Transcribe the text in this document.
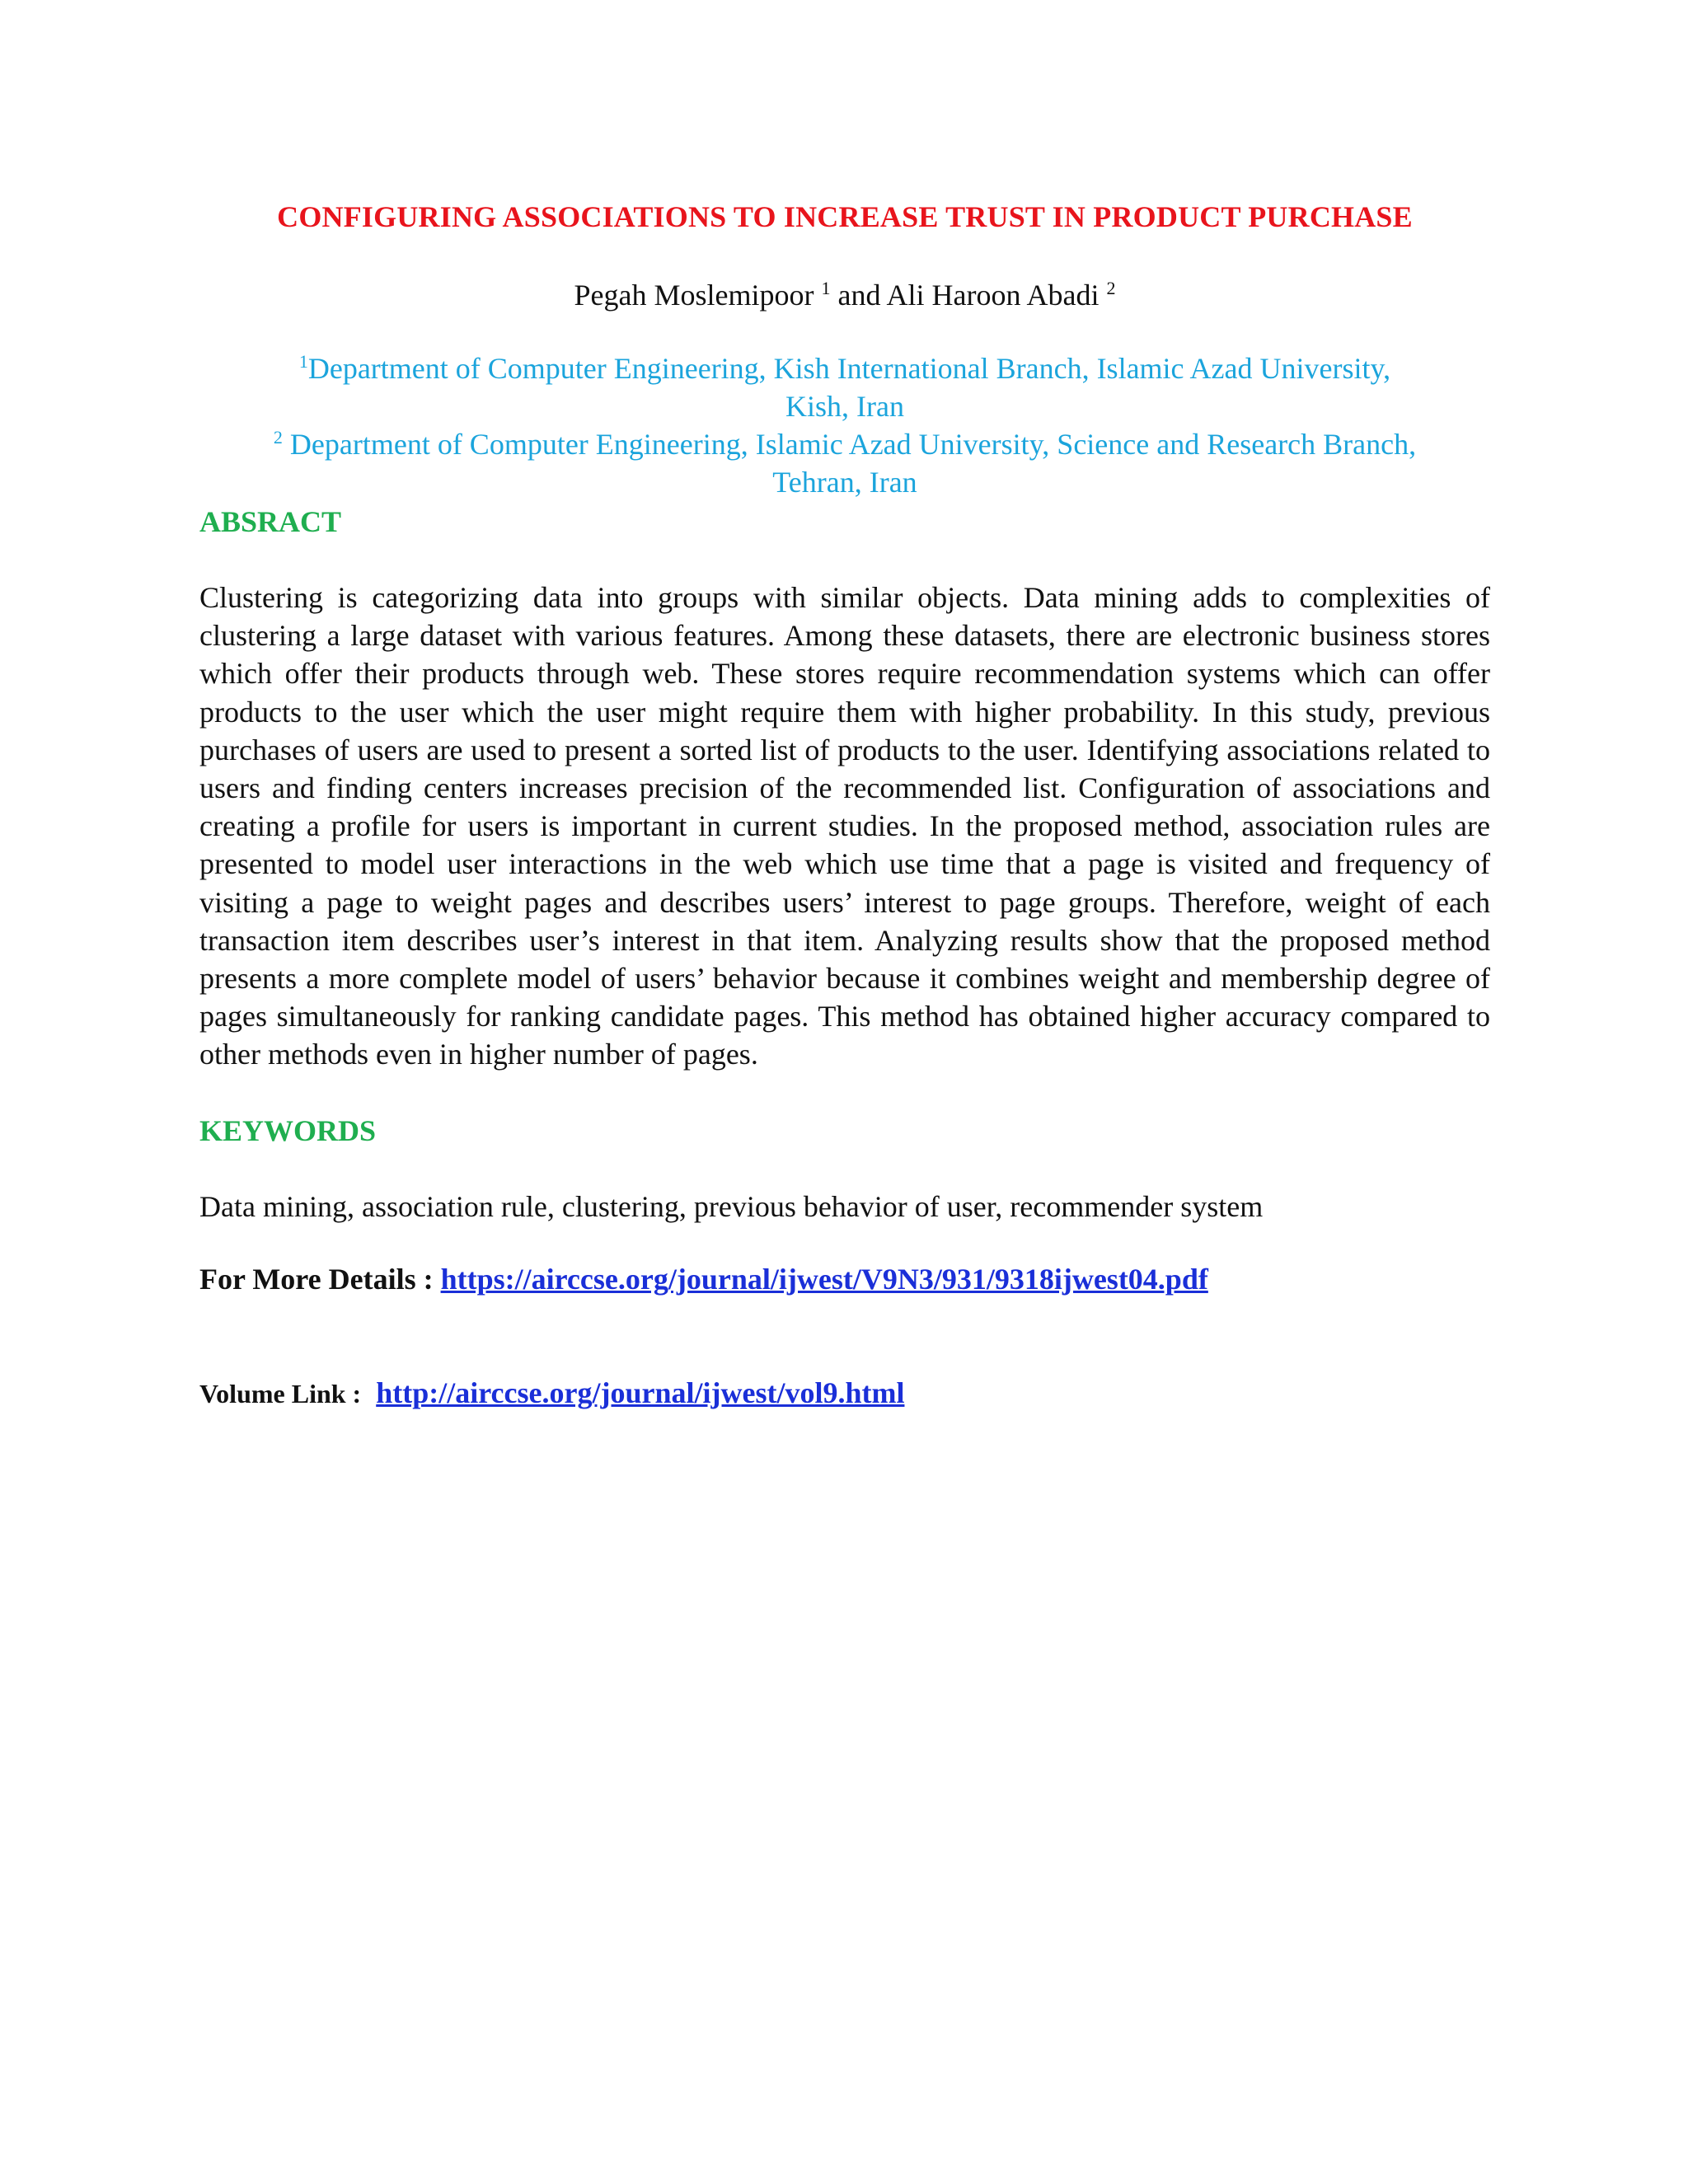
CONFIGURING ASSOCIATIONS TO INCREASE TRUST IN PRODUCT PURCHASE
Pegah Moslemipoor $^1$ and Ali Haroon Abadi $^2$

$^1$Department of Computer Engineering, Kish International Branch, Islamic Azad University,
Kish, Iran

$^2$ Department of Computer Engineering, Islamic Azad University, Science and Research Branch,
Tehran, Iran

ABSRACT

Clustering is categorizing data into groups with similar objects. Data mining adds to complexities of clustering a large dataset with various features. Among these datasets, there are electronic business stores which offer their products through web. These stores require recommendation systems which can offer products to the user which the user might require them with higher probability. In this study, previous purchases of users are used to present a sorted list of products to the user. Identifying associations related to users and finding centers increases precision of the recommended list. Configuration of associations and creating a profile for users is important in current studies. In the proposed method, association rules are presented to model user interactions in the web which use time that a page is visited and frequency of visiting a page to weight pages and describes users’ interest to page groups. Therefore, weight of each transaction item describes user’s interest in that item. Analyzing results show that the proposed method presents a more complete model of users’ behavior because it combines weight and membership degree of pages simultaneously for ranking candidate pages. This method has obtained higher accuracy compared to other methods even in higher number of pages.

KEYWORDS

Data mining, association rule, clustering, previous behavior of user, recommender system

For More Details : https://airccse.org/journal/ijwest/V9N3/931/9318ijwest04.pdf
Volume Link : http://airccse.org/journal/ijwest/vol9.html
